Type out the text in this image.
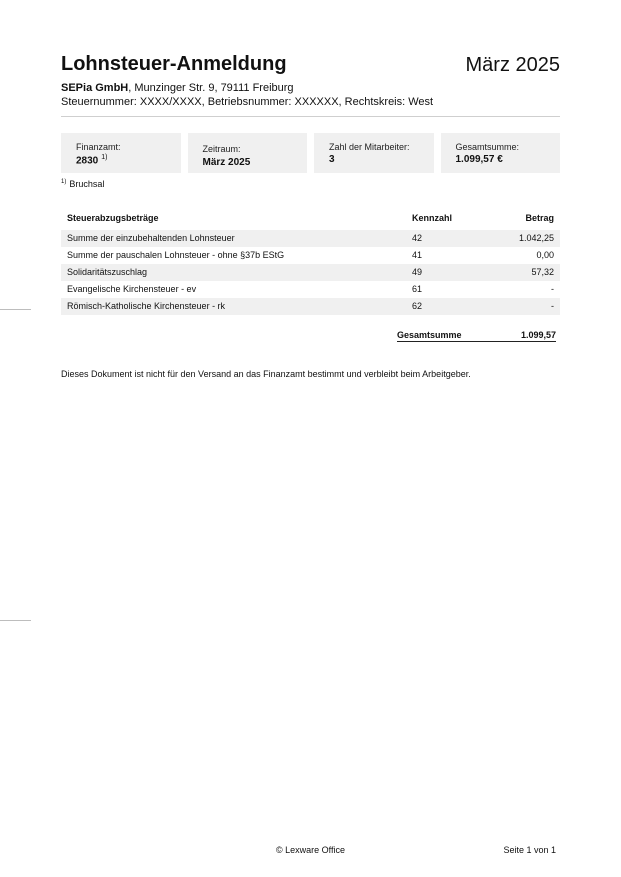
Lohnsteuer-Anmeldung	März 2025
SEPia GmbH, Munzinger Str. 9, 79111 Freiburg
Steuernummer: XXXX/XXXX, Betriebsnummer: XXXXXX, Rechtskreis: West
Finanzamt:
2830 $^{1)}$
Zeitraum:
März 2025
Zahl der Mitarbeiter:
3
Gesamtsumme:
1.099,57 €
$^{1)}$ Bruchsal
Steuerabzugsbeträge	Kennzahl	Betrag
Summe der einzubehaltenden Lohnsteuer	42	1.042,25
Summe der pauschalen Lohnsteuer - ohne §37b EStG	41	0,00
Solidaritätszuschlag	49	57,32
Evangelische Kirchensteuer - ev	61	-
Römisch-Katholische Kirchensteuer - rk	62	-
Gesamtsumme	1.099,57
Dieses Dokument ist nicht für den Versand an das Finanzamt bestimmt und verbleibt beim Arbeitgeber.
© Lexware Office	Seite 1 von 1
